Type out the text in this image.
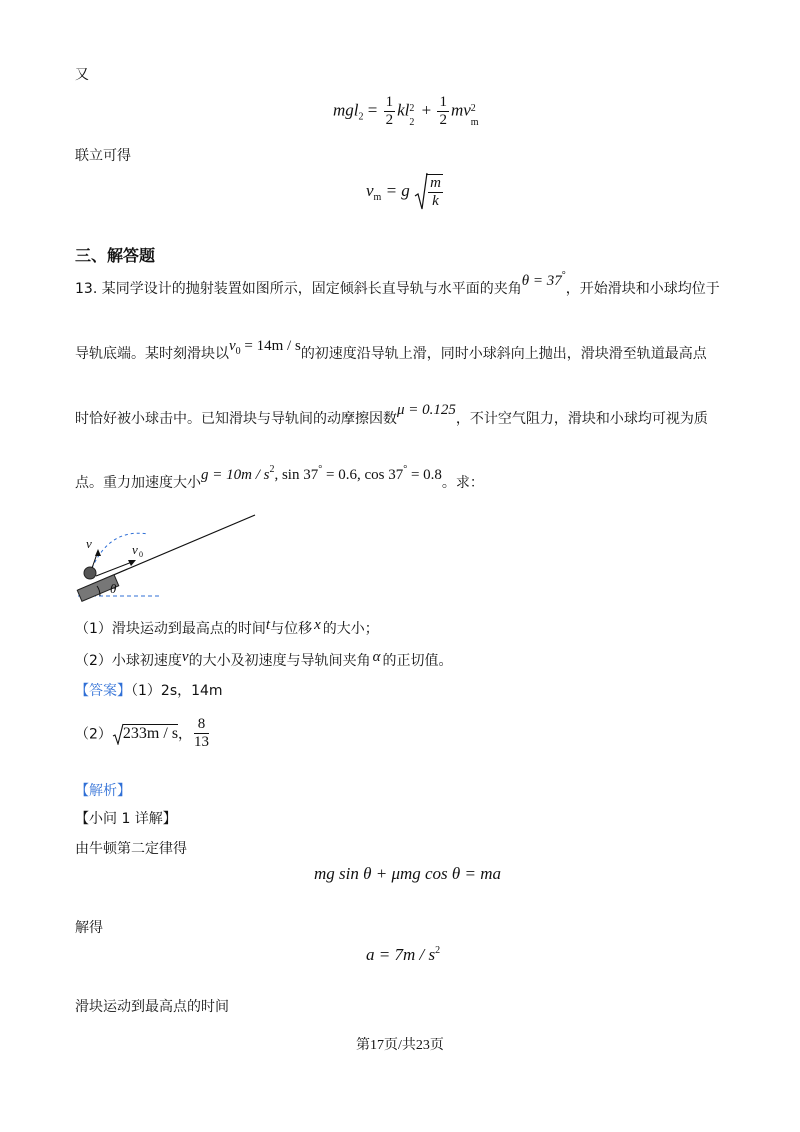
又
$mgl_2 = \frac{1}{2}$ kl 2
2
+ $\frac{1}{2}$ mv 2
m
联立可得
$v_m = g \frac{m}{k}$
三、解答题
13. 某同学设计的抛射装置如图所示，固定倾斜长直导轨与水平面的夹角θ = 37°，开始滑块和小球均位于
导轨底端。某时刻滑块以$v_0 = 14m / s$的初速度沿导轨上滑，同时小球斜向上抛出，滑块滑至轨道最高点
时恰好被小球击中。已知滑块与导轨间的动摩擦因数μ = 0.125，不计空气阻力，滑块和小球均可视为质
点。重力加速度大小$g = 10m / s^2$, sin 37° = 0.6, cos 37° = 0.8。求：
v	v 0
θ
（1）滑块运动到最高点的时间t与位移 x 的大小；
（2）小球初速度v的大小及初速度与导轨间夹角 α 的正切值。
【答案】（1）2s，14m
（2） 233m / s， $\frac{8}{13}$
【解析】
【小问 1 详解】
由牛顿第二定律得
mg sin θ + μmg cos θ = ma
解得
$a = 7m / s^2$
滑块运动到最高点的时间
第17页/共23页
